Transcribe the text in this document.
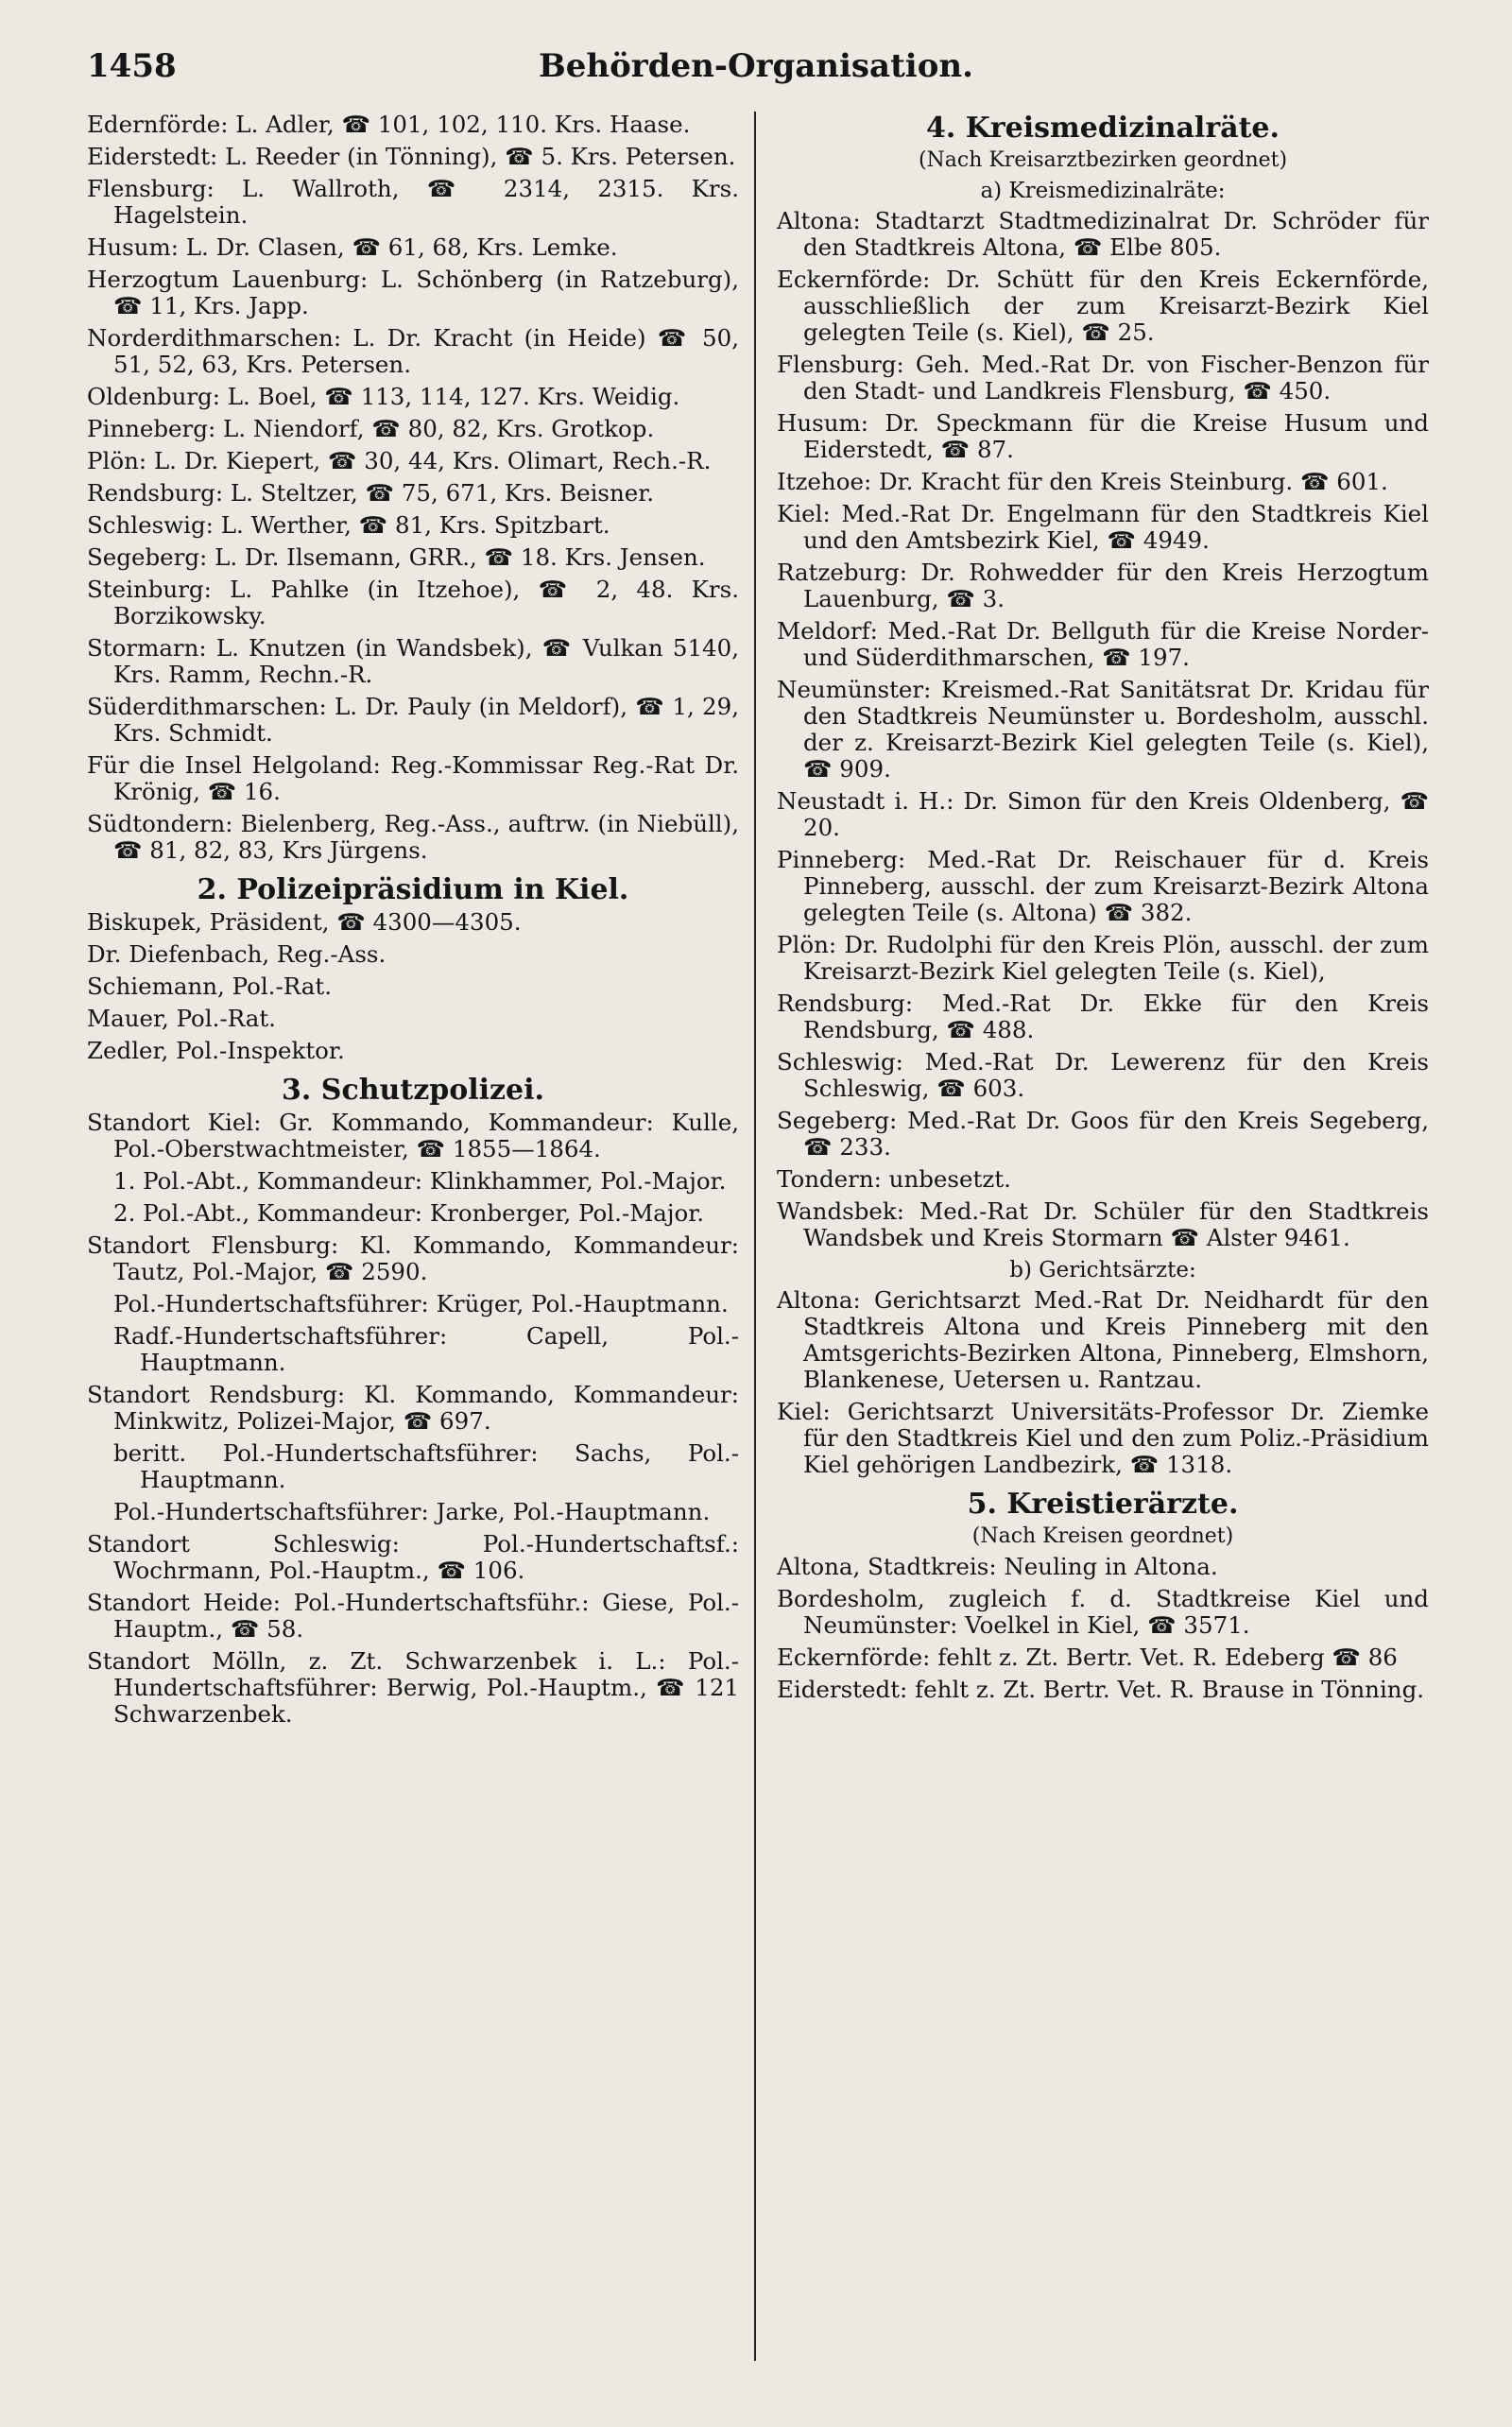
Behörden-Organisation.
1458

Edernförde: L. Adler, ☎ 101, 102, 110. Krs. Haase.

Eiderstedt: L. Reeder (in Tönning), ☎ 5. Krs. Petersen.

Flensburg: L. Wallroth, ☎ 2314, 2315. Krs. Hagelstein.

Husum: L. Dr. Clasen, ☎ 61, 68, Krs. Lemke.

Herzogtum Lauenburg: L. Schönberg (in Ratzeburg), ☎ 11, Krs. Japp.

Norderdithmarschen: L. Dr. Kracht (in Heide) ☎ 50, 51, 52, 63, Krs. Petersen.

Oldenburg: L. Boel, ☎ 113, 114, 127. Krs. Weidig.

Pinneberg: L. Niendorf, ☎ 80, 82, Krs. Grotkop.

Plön: L. Dr. Kiepert, ☎ 30, 44, Krs. Olimart, Rech.-R.

Rendsburg: L. Steltzer, ☎ 75, 671, Krs. Beisner.

Schleswig: L. Werther, ☎ 81, Krs. Spitzbart.

Segeberg: L. Dr. Ilsemann, GRR., ☎ 18. Krs. Jensen.

Steinburg: L. Pahlke (in Itzehoe), ☎ 2, 48. Krs. Borzikowsky.

Stormarn: L. Knutzen (in Wandsbek), ☎ Vulkan 5140, Krs. Ramm, Rechn.-R.

Süderdithmarschen: L. Dr. Pauly (in Meldorf), ☎ 1, 29, Krs. Schmidt.

Für die Insel Helgoland: Reg.-Kommissar Reg.-Rat Dr. Krönig, ☎ 16.

Südtondern: Bielenberg, Reg.-Ass., auftrw. (in Niebüll), ☎ 81, 82, 83, Krs Jürgens.

2. Polizeipräsidium in Kiel.

Biskupek, Präsident, ☎ 4300—4305.

Dr. Diefenbach, Reg.-Ass.

Schiemann, Pol.-Rat.

Mauer, Pol.-Rat.

Zedler, Pol.-Inspektor.

3. Schutzpolizei.

Standort Kiel: Gr. Kommando, Kommandeur: Kulle, Pol.-Oberstwachtmeister, ☎ 1855—1864.

1. Pol.-Abt., Kommandeur: Klinkhammer, Pol.-Major.

2. Pol.-Abt., Kommandeur: Kronberger, Pol.-Major.

Standort Flensburg: Kl. Kommando, Kommandeur: Tautz, Pol.-Major, ☎ 2590.

Pol.-Hundertschaftsführer: Krüger, Pol.-Hauptmann.

Radf.-Hundertschaftsführer: Capell, Pol.-Hauptmann.

Standort Rendsburg: Kl. Kommando, Kommandeur: Minkwitz, Polizei-Major, ☎ 697.

beritt. Pol.-Hundertschaftsführer: Sachs, Pol.-Hauptmann.

Pol.-Hundertschaftsführer: Jarke, Pol.-Hauptmann.

Standort Schleswig: Pol.-Hundertschaftsf.: Wochrmann, Pol.-Hauptm., ☎ 106.

Standort Heide: Pol.-Hundertschaftsführ.: Giese, Pol.-Hauptm., ☎ 58.

Standort Mölln, z. Zt. Schwarzenbek i. L.: Pol.-Hundertschaftsführer: Berwig, Pol.-Hauptm., ☎ 121 Schwarzenbek.

4. Kreismedizinalräte.
(Nach Kreisarztbezirken geordnet)
a) Kreismedizinalräte:

Altona: Stadtarzt Stadtmedizinalrat Dr. Schröder für den Stadtkreis Altona, ☎ Elbe 805.

Eckernförde: Dr. Schütt für den Kreis Eckernförde, ausschließlich der zum Kreisarzt-Bezirk Kiel gelegten Teile (s. Kiel), ☎ 25.

Flensburg: Geh. Med.-Rat Dr. von Fischer-Benzon für den Stadt- und Landkreis Flensburg, ☎ 450.

Husum: Dr. Speckmann für die Kreise Husum und Eiderstedt, ☎ 87.

Itzehoe: Dr. Kracht für den Kreis Steinburg. ☎ 601.

Kiel: Med.-Rat Dr. Engelmann für den Stadtkreis Kiel und den Amtsbezirk Kiel, ☎ 4949.

Ratzeburg: Dr. Rohwedder für den Kreis Herzogtum Lauenburg, ☎ 3.

Meldorf: Med.-Rat Dr. Bellguth für die Kreise Norder- und Süderdithmarschen, ☎ 197.

Neumünster: Kreismed.-Rat Sanitätsrat Dr. Kridau für den Stadtkreis Neumünster u. Bordesholm, ausschl. der z. Kreisarzt-Bezirk Kiel gelegten Teile (s. Kiel), ☎ 909.

Neustadt i. H.: Dr. Simon für den Kreis Oldenberg, ☎ 20.

Pinneberg: Med.-Rat Dr. Reischauer für d. Kreis Pinneberg, ausschl. der zum Kreisarzt-Bezirk Altona gelegten Teile (s. Altona) ☎ 382.

Plön: Dr. Rudolphi für den Kreis Plön, ausschl. der zum Kreisarzt-Bezirk Kiel gelegten Teile (s. Kiel),

Rendsburg: Med.-Rat Dr. Ekke für den Kreis Rendsburg, ☎ 488.

Schleswig: Med.-Rat Dr. Lewerenz für den Kreis Schleswig, ☎ 603.

Segeberg: Med.-Rat Dr. Goos für den Kreis Segeberg, ☎ 233.

Tondern: unbesetzt.

Wandsbek: Med.-Rat Dr. Schüler für den Stadtkreis Wandsbek und Kreis Stormarn ☎ Alster 9461.

b) Gerichtsärzte:

Altona: Gerichtsarzt Med.-Rat Dr. Neidhardt für den Stadtkreis Altona und Kreis Pinneberg mit den Amtsgerichts-Bezirken Altona, Pinneberg, Elmshorn, Blankenese, Uetersen u. Rantzau.

Kiel: Gerichtsarzt Universitäts-Professor Dr. Ziemke für den Stadtkreis Kiel und den zum Poliz.-Präsidium Kiel gehörigen Landbezirk, ☎ 1318.

5. Kreistierärzte.
(Nach Kreisen geordnet)

Altona, Stadtkreis: Neuling in Altona.

Bordesholm, zugleich f. d. Stadtkreise Kiel und Neumünster: Voelkel in Kiel, ☎ 3571.

Eckernförde: fehlt z. Zt. Bertr. Vet. R. Edeberg ☎ 86

Eiderstedt: fehlt z. Zt. Bertr. Vet. R. Brause in Tönning.
